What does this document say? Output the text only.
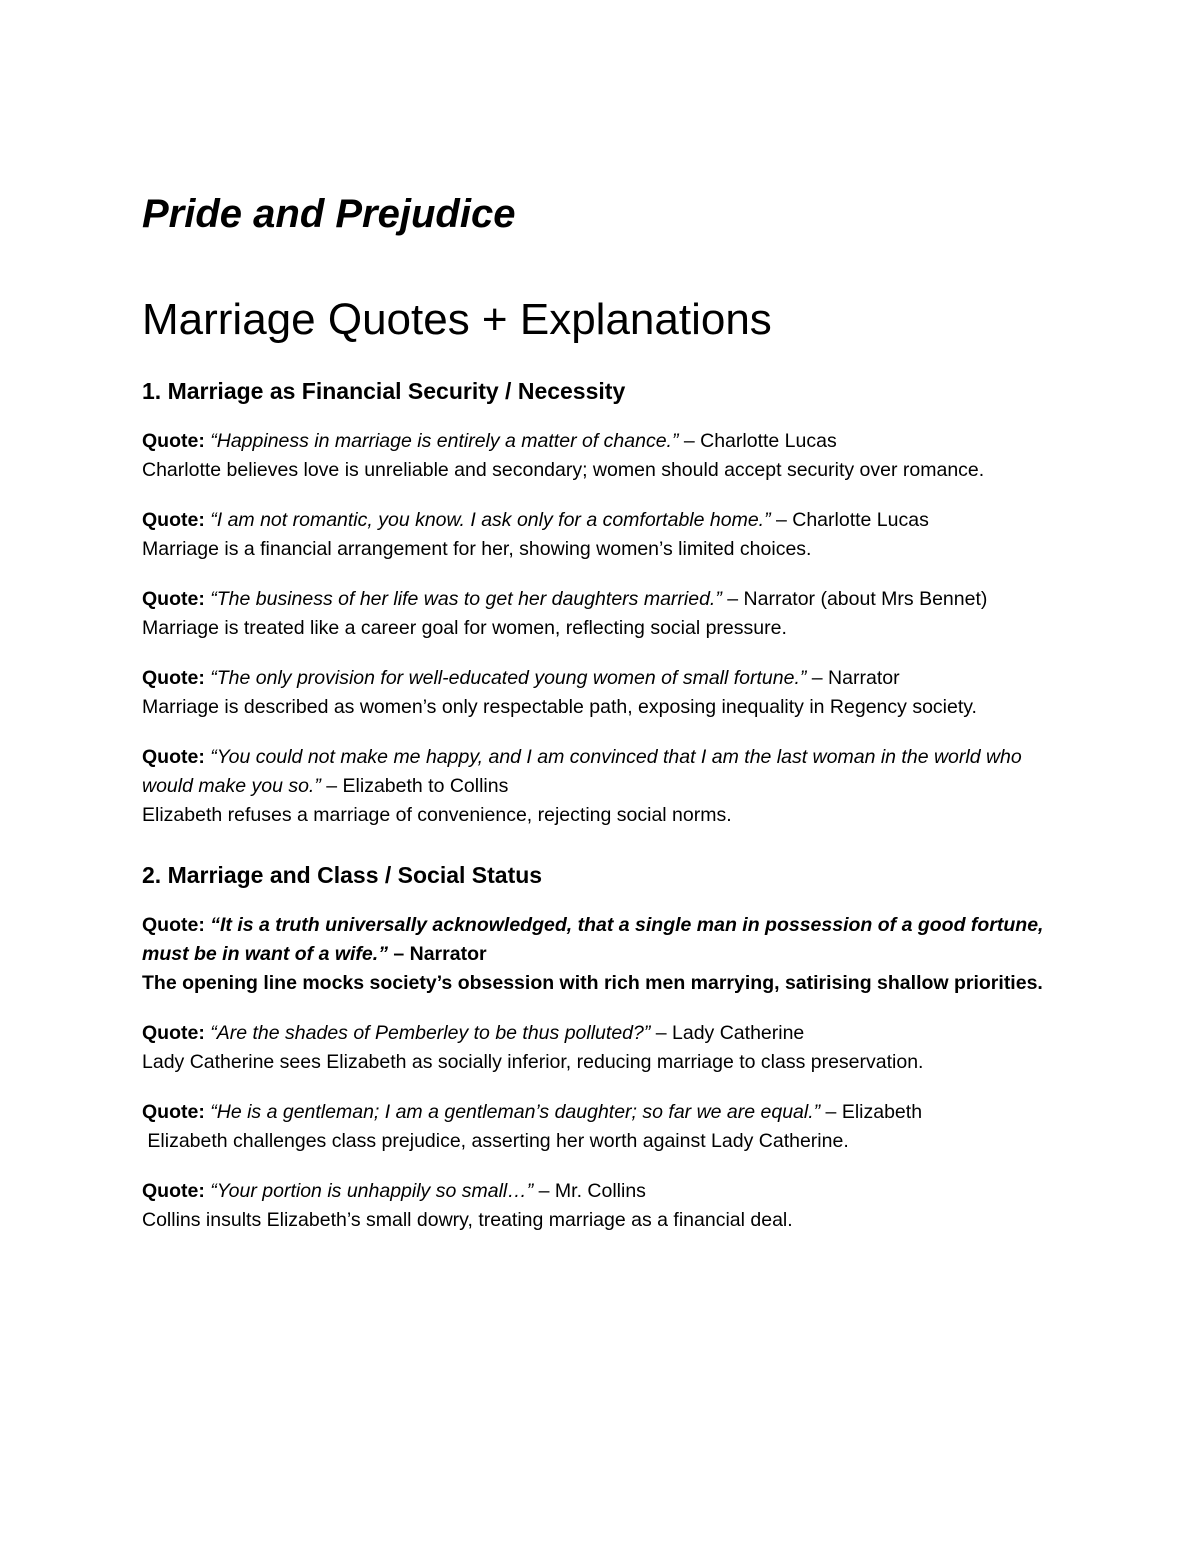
Pride and Prejudice
Marriage Quotes + Explanations
1. Marriage as Financial Security / Necessity

Quote: “Happiness in marriage is entirely a matter of chance.” – Charlotte Lucas

Charlotte believes love is unreliable and secondary; women should accept security over romance.

Quote: “I am not romantic, you know. I ask only for a comfortable home.” – Charlotte Lucas

Marriage is a financial arrangement for her, showing women’s limited choices.

Quote: “The business of her life was to get her daughters married.” – Narrator (about Mrs Bennet)

Marriage is treated like a career goal for women, reflecting social pressure.

Quote: “The only provision for well-educated young women of small fortune.” – Narrator

Marriage is described as women’s only respectable path, exposing inequality in Regency society.

Quote: “You could not make me happy, and I am convinced that I am the last woman in the world who would make you so.” – Elizabeth to Collins

Elizabeth refuses a marriage of convenience, rejecting social norms.

2. Marriage and Class / Social Status

Quote: “It is a truth universally acknowledged, that a single man in possession of a good fortune, must be in want of a wife.” – Narrator

The opening line mocks society’s obsession with rich men marrying, satirising shallow priorities.

Quote: “Are the shades of Pemberley to be thus polluted?” – Lady Catherine

Lady Catherine sees Elizabeth as socially inferior, reducing marriage to class preservation.

Quote: “He is a gentleman; I am a gentleman’s daughter; so far we are equal.” – Elizabeth

Elizabeth challenges class prejudice, asserting her worth against Lady Catherine.

Quote: “Your portion is unhappily so small…” – Mr. Collins

Collins insults Elizabeth’s small dowry, treating marriage as a financial deal.
